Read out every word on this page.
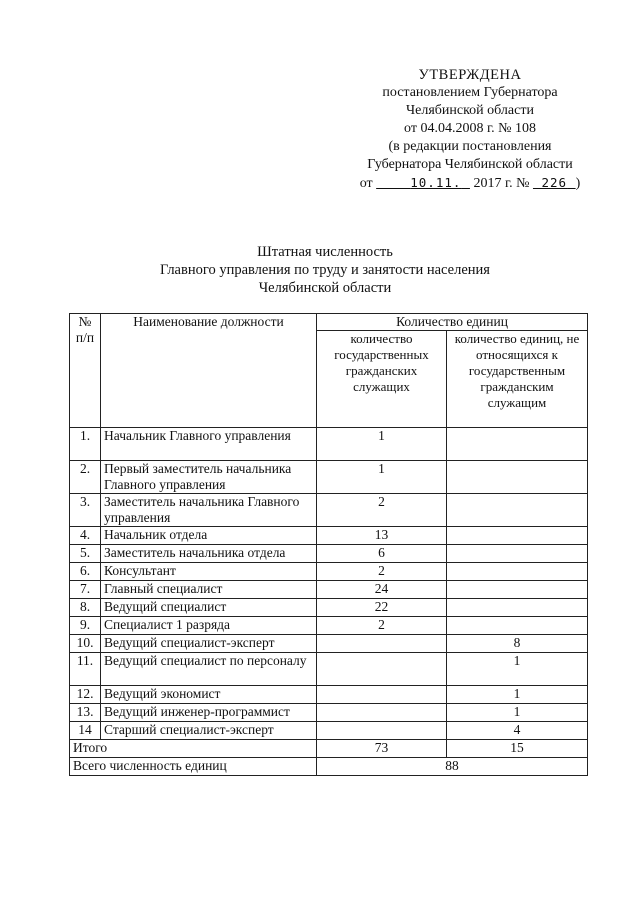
УТВЕРЖДЕНА
постановлением Губернатора
Челябинской области
от 04.04.2008 г. № 108
(в редакции постановления
Губернатора Челябинской области
от	10.11. 2017 г. № 226 )
Штатная численность
Главного управления по труду и занятости населения
Челябинской области
№ п/п	Наименование должности	Количество единиц	
		количество государственных гражданских служащих	количество единиц, не относящихся к государственным гражданским служащим
1.	Начальник Главного управления	1	
2.	Первый заместитель начальника Главного управления	1	
3.	Заместитель начальника Главного управления	2	
4.	Начальник отдела	13	
5.	Заместитель начальника отдела	6	
6.	Консультант	2	
7.	Главный специалист	24	
8.	Ведущий специалист	22	
9.	Специалист 1 разряда	2	
10.	Ведущий специалист-эксперт		8
11.	Ведущий специалист по персоналу		1
12.	Ведущий экономист		1
13.	Ведущий инженер-программист		1
14	Старший специалист-эксперт		4
Итого		73	15
Всего численность единиц		88	
